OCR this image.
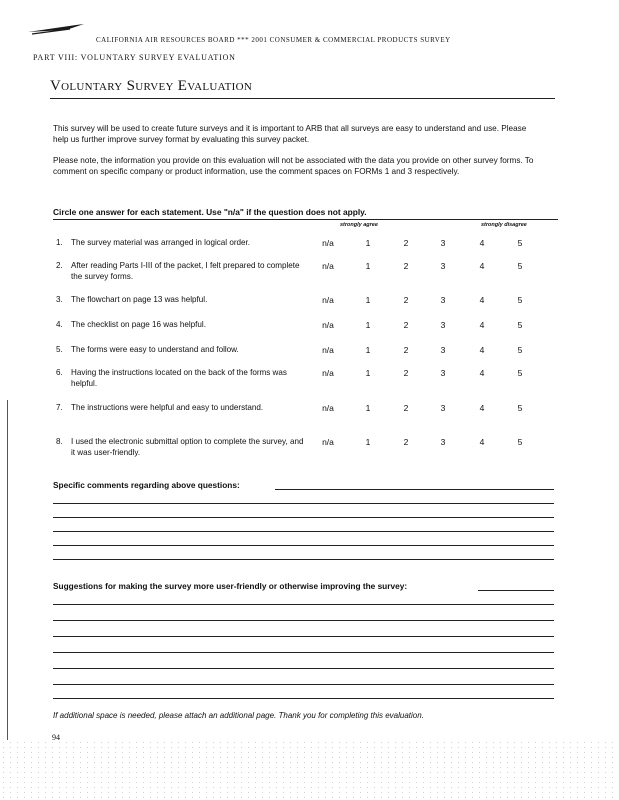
CALIFORNIA AIR RESOURCES BOARD *** 2001 CONSUMER & COMMERCIAL PRODUCTS SURVEY
PART VIII: VOLUNTARY SURVEY EVALUATION
Voluntary Survey Evaluation
This survey will be used to create future surveys and it is important to ARB that all surveys are easy to understand and use. Please help us further improve survey format by evaluating this survey packet.
Please note, the information you provide on this evaluation will not be associated with the data you provide on other survey forms. To comment on specific company or product information, use the comment spaces on FORMs 1 and 3 respectively.
Circle one answer for each statement. Use "n/a" if the question does not apply.
strongly agree	strongly disagree
1. The survey material was arranged in logical order.	n/a	1	2	3	4	5
2. After reading Parts I-III of the packet, I felt prepared to complete the survey forms.
n/a	1	2	3	4	5
3. The flowchart on page 13 was helpful.	n/a	1	2	3	4	5
4. The checklist on page 16 was helpful.	n/a	1	2	3	4	5
5. The forms were easy to understand and follow.	n/a	1	2	3	4	5
6. Having the instructions located on the back of the forms was helpful.
n/a	1	2	3	4	5
7. The instructions were helpful and easy to understand.	n/a	1	2	3	4	5
8. I used the electronic submittal option to complete the survey, and it was user-friendly.
n/a	1	2	3	4	5
Specific comments regarding above questions:
Suggestions for making the survey more user-friendly or otherwise improving the survey:
If additional space is needed, please attach an additional page. Thank you for completing this evaluation.
94
